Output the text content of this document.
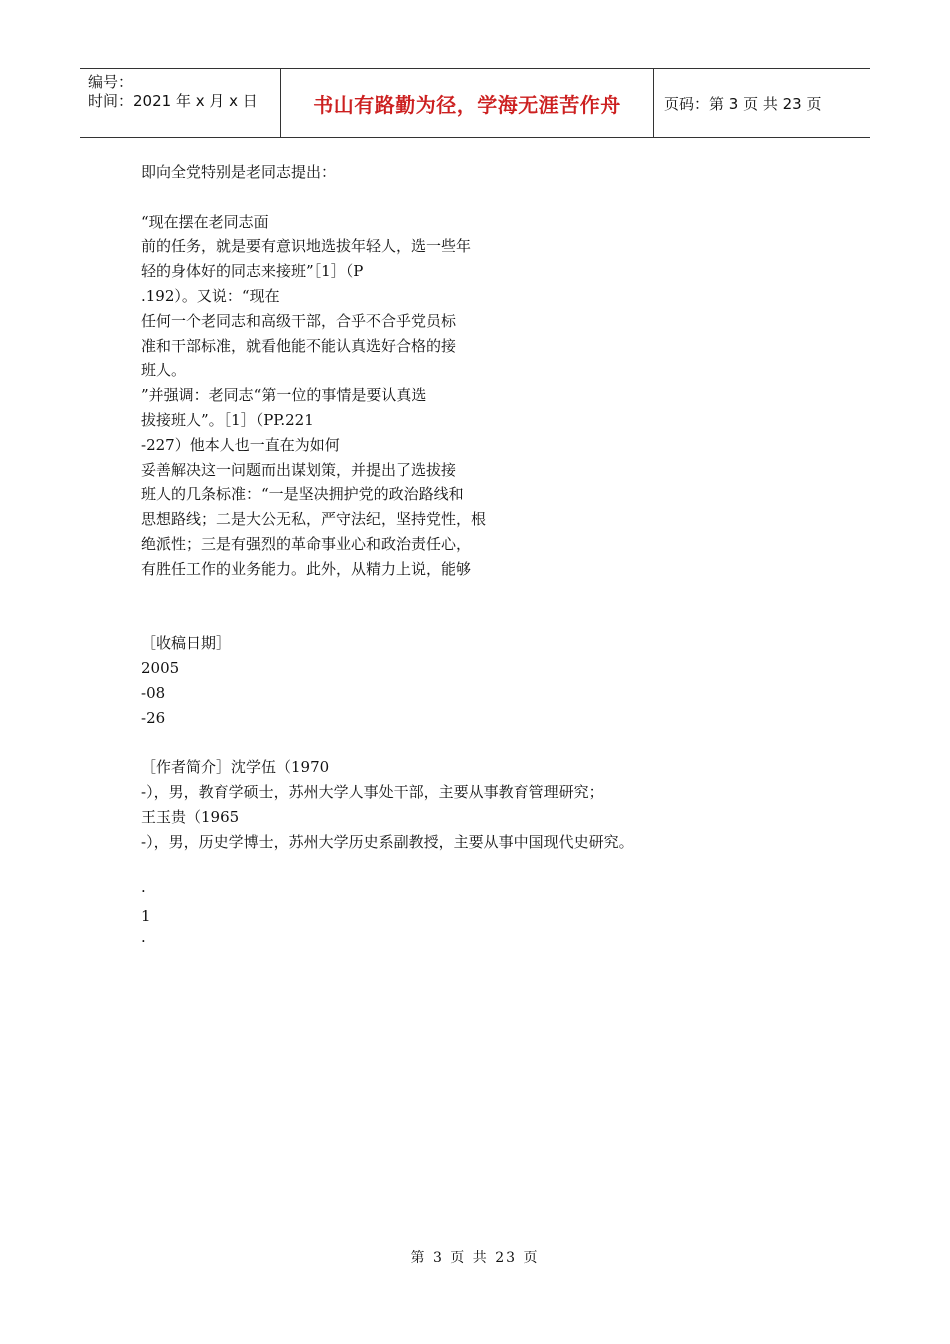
编号：
时间：2021 年 x 月 x 日	书山有路勤为径，学海无涯苦作舟	页码：第 3 页 共 23 页
即向全党特别是老同志提出：
“现在摆在老同志面
前的任务，就是要有意识地选拔年轻人，选一些年
轻的身体好的同志来接班”［1］（P
.192）。又说：“现在
任何一个老同志和高级干部，合乎不合乎党员标
准和干部标准，就看他能不能认真选好合格的接
班人。
”并强调：老同志“第一位的事情是要认真选
拔接班人”。［1］（PP.221
-227）他本人也一直在为如何
妥善解决这一问题而出谋划策，并提出了选拔接
班人的几条标准：“一是坚决拥护党的政治路线和
思想路线；二是大公无私，严守法纪，坚持党性，根
绝派性；三是有强烈的革命事业心和政治责任心，
有胜任工作的业务能力。此外，从精力上说，能够
［收稿日期］
2005
-08
-26
［作者简介］沈学伍（1970
-），男，教育学硕士，苏州大学人事处干部，主要从事教育管理研究；
王玉贵（1965
-），男，历史学博士，苏州大学历史系副教授，主要从事中国现代史研究。
·
1
·
第 3 页 共 23 页
